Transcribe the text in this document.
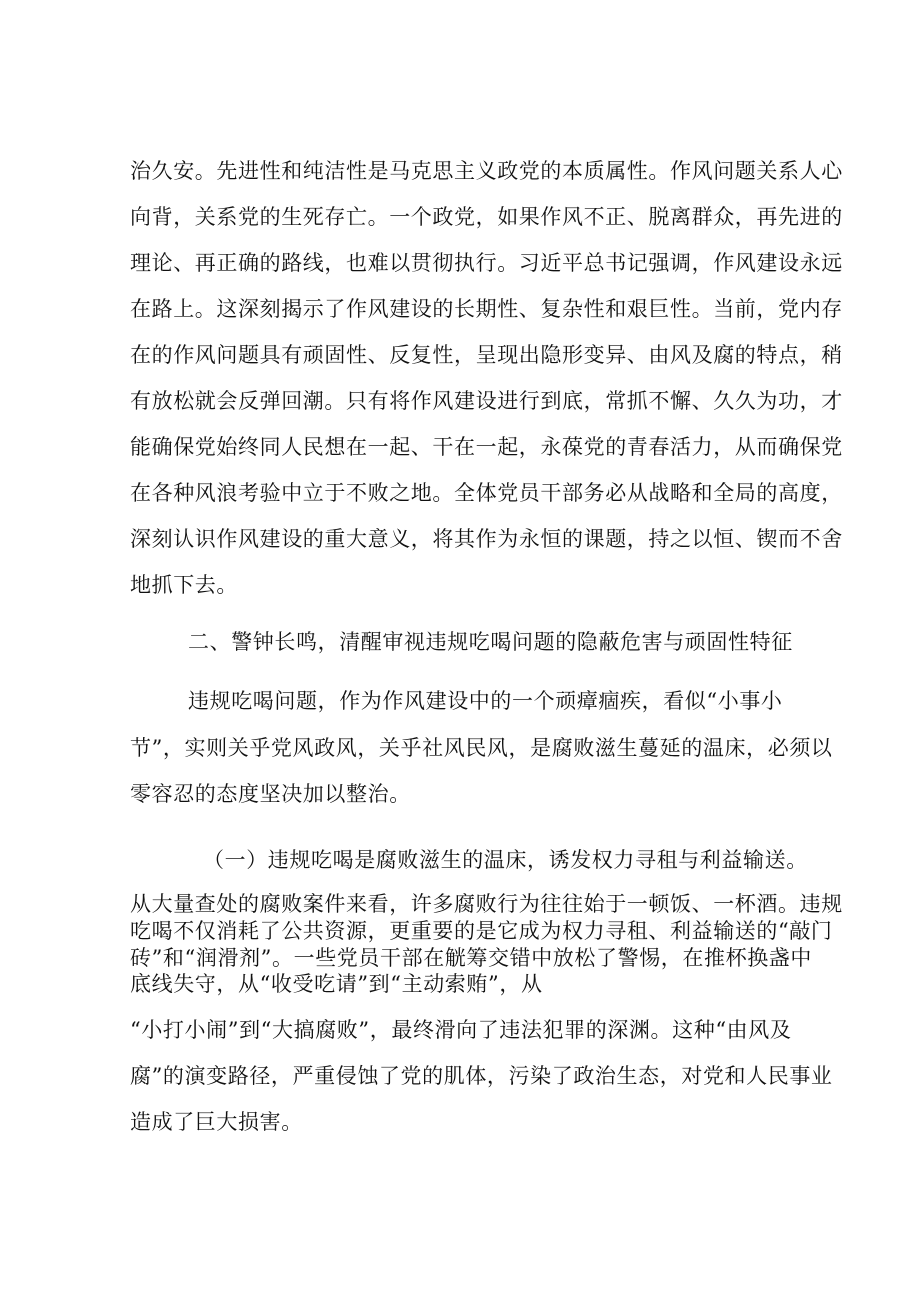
治久安。先进性和纯洁性是马克思主义政党的本质属性。作风问题关系人心
向背，关系党的生死存亡。一个政党，如果作风不正、脱离群众，再先进的
理论、再正确的路线，也难以贯彻执行。习近平总书记强调，作风建设永远
在路上。这深刻揭示了作风建设的长期性、复杂性和艰巨性。当前，党内存
在的作风问题具有顽固性、反复性，呈现出隐形变异、由风及腐的特点，稍
有放松就会反弹回潮。只有将作风建设进行到底，常抓不懈、久久为功，才
能确保党始终同人民想在一起、干在一起，永葆党的青春活力，从而确保党
在各种风浪考验中立于不败之地。全体党员干部务必从战略和全局的高度，
深刻认识作风建设的重大意义，将其作为永恒的课题，持之以恒、锲而不舍
地抓下去。
二、警钟长鸣，清醒审视违规吃喝问题的隐蔽危害与顽固性特征
违规吃喝问题，作为作风建设中的一个顽瘴痼疾，看似“小事小
节”，实则关乎党风政风，关乎社风民风，是腐败滋生蔓延的温床，必须以
零容忍的态度坚决加以整治。
（一）违规吃喝是腐败滋生的温床，诱发权力寻租与利益输送。
从大量查处的腐败案件来看，许多腐败行为往往始于一顿饭、一杯酒。违规
吃喝不仅消耗了公共资源，更重要的是它成为权力寻租、利益输送的“敲门
砖”和“润滑剂”。一些党员干部在觥筹交错中放松了警惕，在推杯换盏中
底线失守，从“收受吃请”到“主动索贿”，从
“小打小闹”到“大搞腐败”，最终滑向了违法犯罪的深渊。这种“由风及
腐”的演变路径，严重侵蚀了党的肌体，污染了政治生态，对党和人民事业
造成了巨大损害。
